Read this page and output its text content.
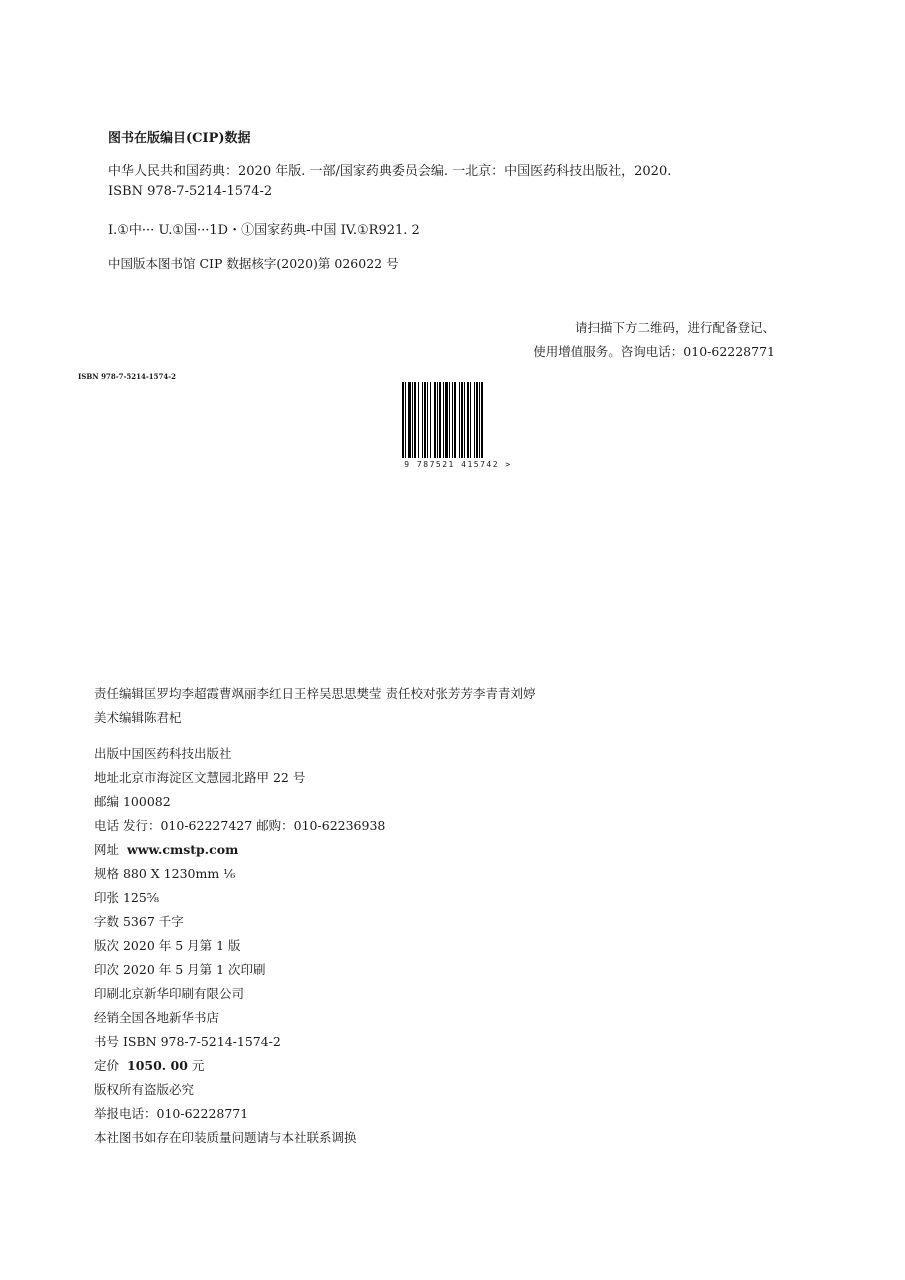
图书在版编目(CIP)数据
中华人民共和国药典：2020 年版. 一部/国家药典委员会编. 一北京：中国医药科技出版社，2020.
ISBN 978-7-5214-1574-2
I.①中··· U.①国···1D・①国家药典-中国 IV.①R921. 2
中国版本图书馆 CIP 数据核字(2020)第 026022 号
请扫描下方二维码，进行配备登记、
使用增值服务。咨询电话：010-62228771
ISBN 978-7-5214-1574-2
9 787521 415742 >
责任编辑匡罗均李超霞曹飒丽李红日王梓吴思思樊莹 责任校对张芳芳李青青刘婷
美术编辑陈君杞
出版中国医药科技出版社
地址北京市海淀区文慧园北路甲 22 号
邮编 100082
电话 发行：010-62227427 邮购：010-62236938
网址 www.cmstp.com
规格 880 X 1230mm ⅙
印张 125⅝
字数 5367 千字
版次 2020 年 5 月第 1 版
印次 2020 年 5 月第 1 次印刷
印刷北京新华印刷有限公司
经销全国各地新华书店
书号 ISBN 978-7-5214-1574-2
定价 1050. 00 元
版权所有盗版必究
举报电话：010-62228771
本社图书如存在印装质量问题请与本社联系调换
